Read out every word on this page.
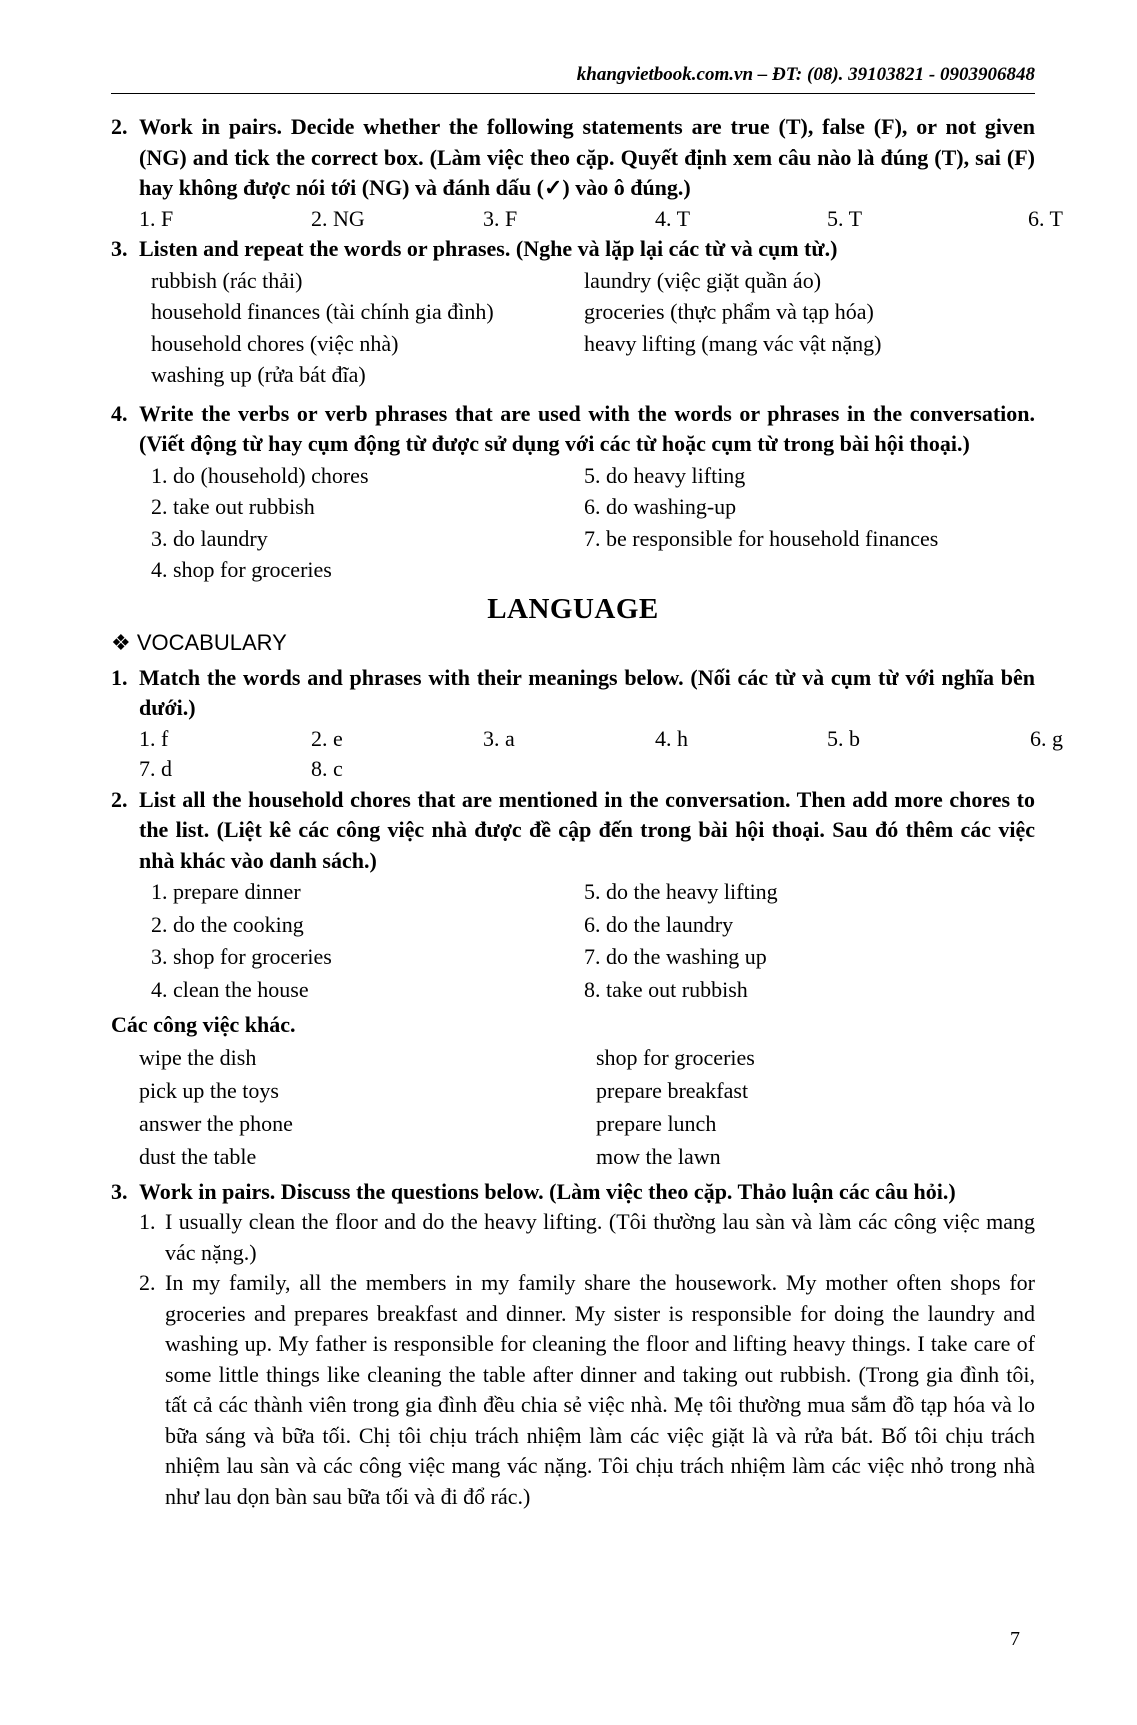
khangvietbook.com.vn – ĐT: (08). 39103821 - 0903906848
2. Work in pairs. Decide whether the following statements are true (T), false (F), or not given (NG) and tick the correct box. (Làm việc theo cặp. Quyết định xem câu nào là đúng (T), sai (F) hay không được nói tới (NG) và đánh dấu (✓) vào ô đúng.)
1. F	2. NG	3. F	4. T	5. T	6. T
3. Listen and repeat the words or phrases. (Nghe và lặp lại các từ và cụm từ.)
rubbish (rác thải)	laundry (việc giặt quần áo)
household finances (tài chính gia đình)	groceries (thực phẩm và tạp hóa)
household chores (việc nhà)	heavy lifting (mang vác vật nặng)
washing up (rửa bát đĩa)
4. Write the verbs or verb phrases that are used with the words or phrases in the conversation. (Viết động từ hay cụm động từ được sử dụng với các từ hoặc cụm từ trong bài hội thoại.)
1. do (household) chores	5. do heavy lifting
2. take out rubbish	6. do washing-up
3. do laundry	7. be responsible for household finances
4. shop for groceries
LANGUAGE
❖ VOCABULARY
1. Match the words and phrases with their meanings below. (Nối các từ và cụm từ với nghĩa bên dưới.)
1. f	2. e	3. a	4. h	5. b	6. g
7. d	8. c
2. List all the household chores that are mentioned in the conversation. Then add more chores to the list. (Liệt kê các công việc nhà được đề cập đến trong bài hội thoại. Sau đó thêm các việc nhà khác vào danh sách.)
1. prepare dinner	5. do the heavy lifting
2. do the cooking	6. do the laundry
3. shop for groceries	7. do the washing up
4. clean the house	8. take out rubbish
Các công việc khác.
wipe the dish	shop for groceries
pick up the toys	prepare breakfast
answer the phone	prepare lunch
dust the table	mow the lawn
3. Work in pairs. Discuss the questions below. (Làm việc theo cặp. Thảo luận các câu hỏi.)
1. I usually clean the floor and do the heavy lifting. (Tôi thường lau sàn và làm các công việc mang vác nặng.)
2. In my family, all the members in my family share the housework. My mother often shops for groceries and prepares breakfast and dinner. My sister is responsible for doing the laundry and washing up. My father is responsible for cleaning the floor and lifting heavy things. I take care of some little things like cleaning the table after dinner and taking out rubbish. (Trong gia đình tôi, tất cả các thành viên trong gia đình đều chia sẻ việc nhà. Mẹ tôi thường mua sắm đồ tạp hóa và lo bữa sáng và bữa tối. Chị tôi chịu trách nhiệm làm các việc giặt là và rửa bát. Bố tôi chịu trách nhiệm lau sàn và các công việc mang vác nặng. Tôi chịu trách nhiệm làm các việc nhỏ trong nhà như lau dọn bàn sau bữa tối và đi đổ rác.)
7
